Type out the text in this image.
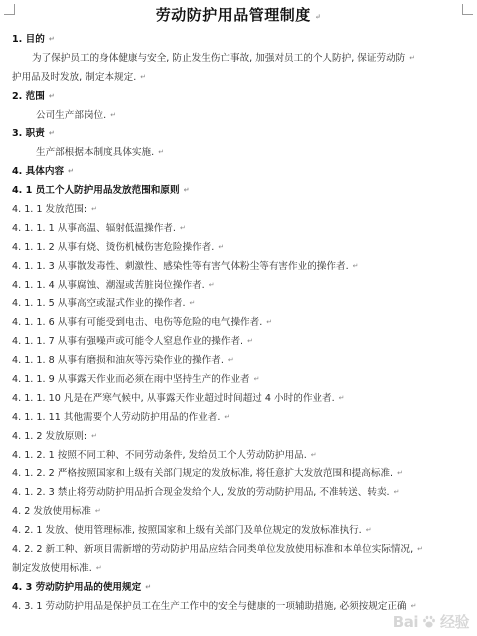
劳动防护用品管理制度↵
1. 目的↵
为了保护员工的身体健康与安全, 防止发生伤亡事故, 加强对员工的个人防护, 保证劳动防↵
护用品及时发放, 制定本规定.↵
2. 范围↵
公司生产部岗位.↵
3. 职责↵
生产部根据本制度具体实施.↵
4. 具体内容↵
4. 1 员工个人防护用品发放范围和原则↵
4. 1. 1 发放范围:↵
4. 1. 1. 1 从事高温、辐射低温操作者.↵
4. 1. 1. 2 从事有烧、烫伤机械伤害危险操作者.↵
4. 1. 1. 3 从事散发毒性、刺激性、感染性等有害气体粉尘等有害作业的操作者.↵
4. 1. 1. 4 从事腐蚀、潮湿或苦脏岗位操作者.↵
4. 1. 1. 5 从事高空或湿式作业的操作者.↵
4. 1. 1. 6 从事有可能受到电击、电伤等危险的电气操作者.↵
4. 1. 1. 7 从事有强噪声或可能令人窒息作业的操作者.↵
4. 1. 1. 8 从事有磨损和油灰等污染作业的操作者.↵
4. 1. 1. 9 从事露天作业而必须在雨中坚持生产的作业者↵
4. 1. 1. 10 凡是在严寒气候中, 从事露天作业超过时间超过 4 小时的作业者.↵
4. 1. 1. 11 其他需要个人劳动防护用品的作业者.↵
4. 1. 2 发放原则:↵
4. 1. 2. 1 按照不同工种、不同劳动条件, 发给员工个人劳动防护用品.↵
4. 1. 2. 2 严格按照国家和上级有关部门规定的发放标准, 将任意扩大发放范围和提高标准.↵
4. 1. 2. 3 禁止将劳动防护用品折合现金发给个人, 发放的劳动防护用品, 不准转送、转卖.↵
4. 2 发放使用标准↵
4. 2. 1 发放、使用管理标准, 按照国家和上级有关部门及单位规定的发放标准执行.↵
4. 2. 2 新工种、新项目需新增的劳动防护用品应结合同类单位发放使用标准和本单位实际情况,↵
制定发放使用标准.↵
4. 3 劳动防护用品的使用规定↵
4. 3. 1 劳动防护用品是保护员工在生产工作中的安全与健康的一项辅助措施, 必须按规定正确↵
Bai 经验
